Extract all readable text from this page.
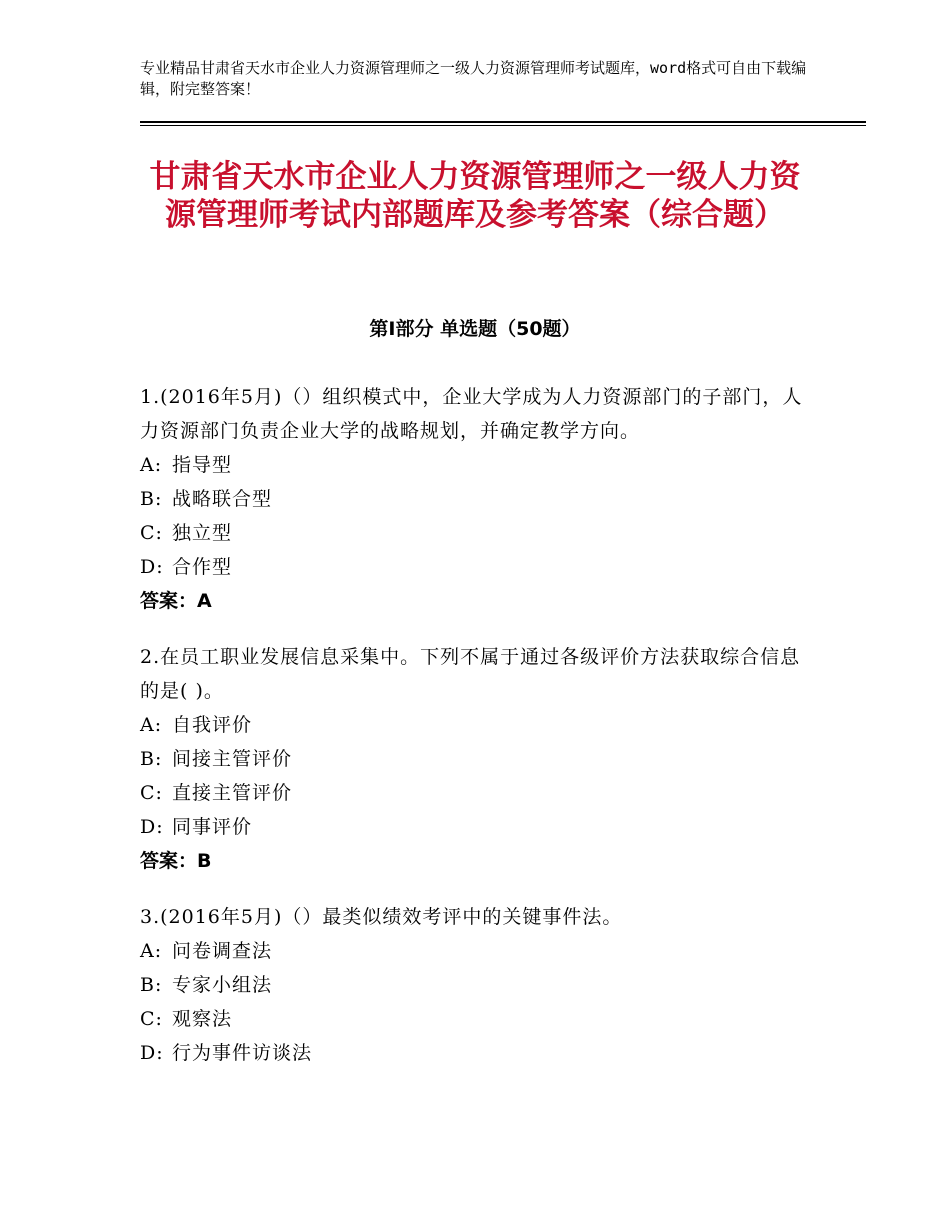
专业精品甘肃省天水市企业人力资源管理师之一级人力资源管理师考试题库，word格式可自由下载编辑，附完整答案！
甘肃省天水市企业人力资源管理师之一级人力资源管理师考试内部题库及参考答案（综合题）
第Ⅰ部分 单选题（50题）
1.(2016年5月)（）组织模式中，企业大学成为人力资源部门的子部门，人力资源部门负责企业大学的战略规划，并确定教学方向。
A: 指导型
B: 战略联合型
C: 独立型
D: 合作型
答案：A
2.在员工职业发展信息采集中。下列不属于通过各级评价方法获取综合信息的是( )。
A: 自我评价
B: 间接主管评价
C: 直接主管评价
D: 同事评价
答案：B
3.(2016年5月)（）最类似绩效考评中的关键事件法。
A: 问卷调查法
B: 专家小组法
C: 观察法
D: 行为事件访谈法
